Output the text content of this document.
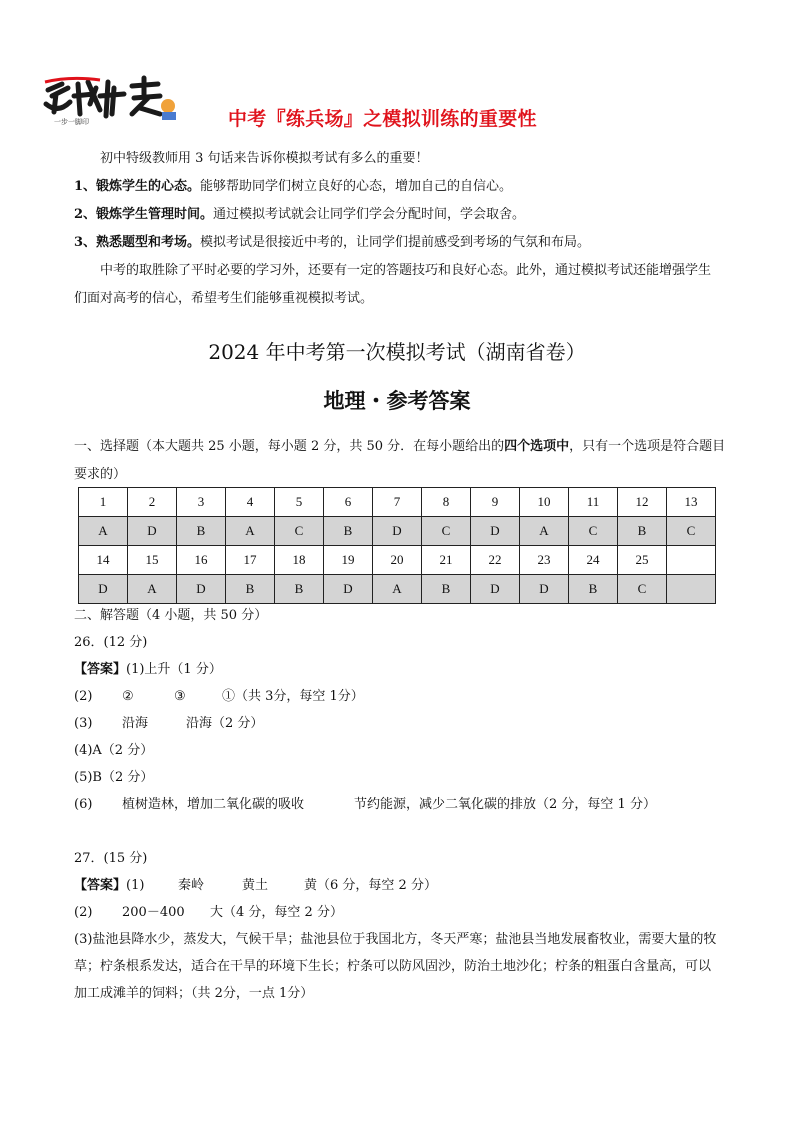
一步一脚印	中考『练兵场』之模拟训练的重要性
初中特级教师用 3 句话来告诉你模拟考试有多么的重要！
1、锻炼学生的心态。能够帮助同学们树立良好的心态，增加自己的自信心。
2、锻炼学生管理时间。通过模拟考试就会让同学们学会分配时间，学会取舍。
3、熟悉题型和考场。模拟考试是很接近中考的，让同学们提前感受到考场的气氛和布局。
中考的取胜除了平时必要的学习外，还要有一定的答题技巧和良好心态。此外，通过模拟考试还能增强学生们面对高考的信心，希望考生们能够重视模拟考试。
2024 年中考第一次模拟考试（湖南省卷）
地理・参考答案
一、选择题（本大题共 25 小题，每小题 2 分，共 50 分．在每小题给出的四个选项中，只有一个选项是符合题目要求的）
1	2	3	4	5	6	7	8	9	10	11	12	13
A	D	B	A	C	B	D	C	D	A	C	B	C
14	15	16	17	18	19	20	21	22	23	24	25	
D	A	D	B	B	D	A	B	D	D	B	C	
二、解答题（4 小题，共 50 分）
26．(12 分)
【答案】(1)上升（1 分）
(2) ②	③	①（共 3分，每空 1分）
(3) 沿海	沿海（2 分）
(4)A（2 分）
(5)B（2 分）
(6) 植树造林，增加二氧化碳的吸收	节约能源，减少二氧化碳的排放（2 分，每空 1 分）
27．(15 分)
【答案】(1)	秦岭	黄土	黄（6 分，每空 2 分）
(2) 200－400 大（4 分，每空 2 分）
(3)盐池县降水少，蒸发大，气候干旱；盐池县位于我国北方，冬天严寒；盐池县当地发展畜牧业，需要大量的牧草；柠条根系发达，适合在干旱的环境下生长；柠条可以防风固沙，防治土地沙化；柠条的粗蛋白含量高，可以加工成滩羊的饲料；（共 2分，一点 1分）
